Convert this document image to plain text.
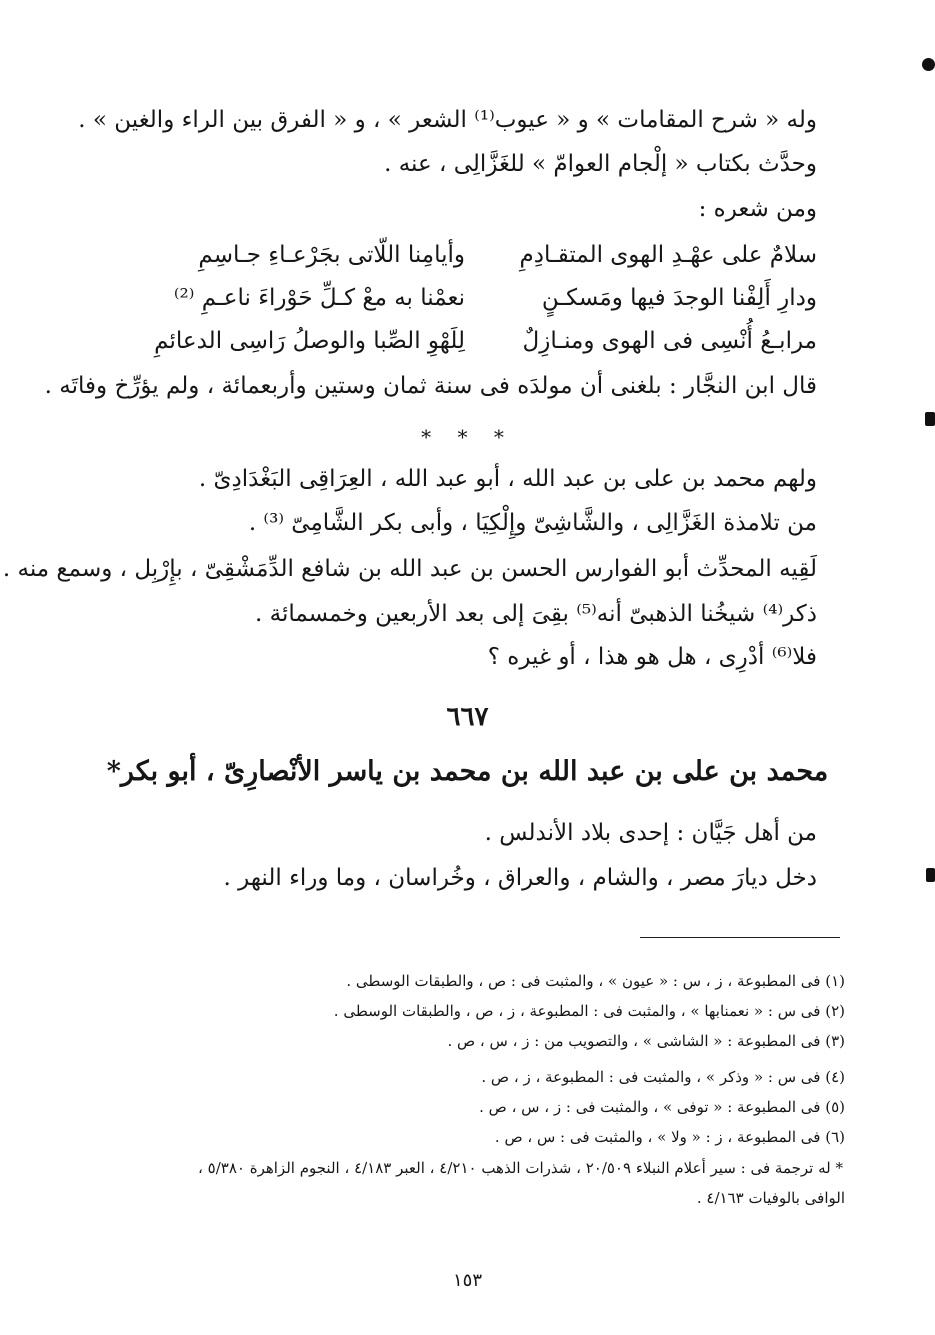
وله « شرح المقامات » و « عيوب⁽¹⁾ الشعر » ، و « الفرق بين الراء والغين » .
وحدَّث بكتاب « إلْجام العوامّ » للغَزَّالِى ، عنه .
ومن شعره :
سلامٌ على عهْـدِ الهوى المتقـادِمِ
وأيامِنا اللّاتى بجَرْعـاءِ جـاسِمِ
ودارِ أَلِفْنا الوجدَ فيها ومَسكـنٍ
نعمْنا به معْ كـلِّ حَوْراءَ ناعـمِ ⁽²⁾
مرابـعُ أُنْسِى فى الهوى ومنـازِلٌ
لِلَهْوِ الصِّبا والوصلُ رَاسِى الدعائمِ
قال ابن النجَّار : بلغنى أن مولدَه فى سنة ثمان وستين وأربعمائة ، ولم يؤرِّخ وفاتَه .
* * *
ولهم محمد بن على بن عبد الله ، أبو عبد الله ، العِرَاقِى البَغْدَادِىّ .
من تلامذة الغَزَّالِى ، والشَّاشِىّ وإِلْكِيَا ، وأبى بكر الشَّامِىّ ⁽³⁾ .
لَقِيه المحدِّث أبو الفوارس الحسن بن عبد الله بن شافع الدِّمَشْقِىّ ، بإِرْبِل ، وسمع منه .
ذكر⁽⁴⁾ شيخُنا الذهبىّ أنه⁽⁵⁾ بقِىَ إلى بعد الأربعين وخمسمائة .
فلا⁽⁶⁾ أدْرِى ، هل هو هذا ، أو غيره ؟
٦٦٧
محمد بن على بن عبد الله بن محمد بن ياسر الأنْصارِىّ ، أبو بكر*
من أهل جَيَّان : إحدى بلاد الأندلس .
دخل ديارَ مصر ، والشام ، والعراق ، وخُراسان ، وما وراء النهر .
(١) فى المطبوعة ، ز ، س : « عيون » ، والمثبت فى : ص ، والطبقات الوسطى .
(٢) فى س : « نعمنابها » ، والمثبت فى : المطبوعة ، ز ، ص ، والطبقات الوسطى .
(٣) فى المطبوعة : « الشاشى » ، والتصويب من : ز ، س ، ص .
(٤) فى س : « وذكر » ، والمثبت فى : المطبوعة ، ز ، ص .
(٥) فى المطبوعة : « توفى » ، والمثبت فى : ز ، س ، ص .
(٦) فى المطبوعة ، ز : « ولا » ، والمثبت فى : س ، ص .
* له ترجمة فى : سير أعلام النبلاء ٢٠/٥٠٩ ، شذرات الذهب ٤/٢١٠ ، العبر ٤/١٨٣ ، النجوم الزاهرة ٥/٣٨٠ ،
الوافى بالوفيات ٤/١٦٣ .
١٥٣
